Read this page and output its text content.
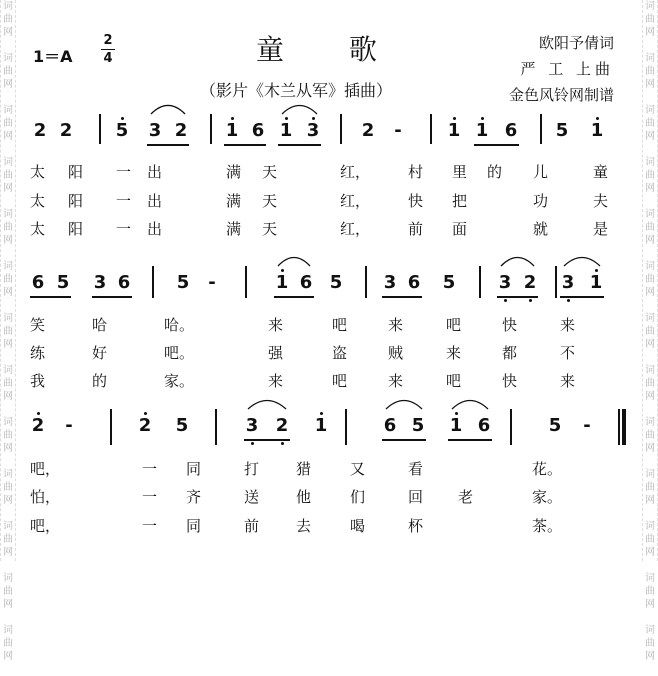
词
曲
网

词
曲
网

词
曲
网

词
曲
网

词
曲
网

词
曲
网

词
曲
网

词
曲
网

词
曲
网

词
曲
网

词
曲
网

词
曲
网

词
曲
网

词
曲
网

词
曲
网

词
曲
网

词
曲
网

词
曲
网

词
曲
网

词
曲
网

词
曲
网

词
曲
网

词
曲
网

词
曲
网

词
曲
网

词
曲
网

童 歌
1＝A
2
4
（影片《木兰从军》插曲）
欧阳予倩词
严 工 上曲
金色风铃网制谱
2 2 5 3 2 1 6 1 3 2 -	1 1 6 5 1
太 阳 一 出	满 天	红，	村 里 的 儿	童
太 阳 一 出	满 天	红，	快 把	功	夫
太 阳 一 出	满 天	红，	前 面	就	是
6 5 3 6	5 -	1 6 5 3 6 5 3 2 3 1
笑	哈	哈。	来	吧	来	吧	快	来
练	好	吧。	强	盗	贼	来	都	不
我	的	家。	来	吧	来	吧	快	来
2 -	2 5	3 2 1	6 5 1 6	5 -
吧，	一 同	打 猎	又	看	花。
怕，	一 齐	送 他	们	回 老	家。
吧，	一 同	前 去	喝	杯	茶。
